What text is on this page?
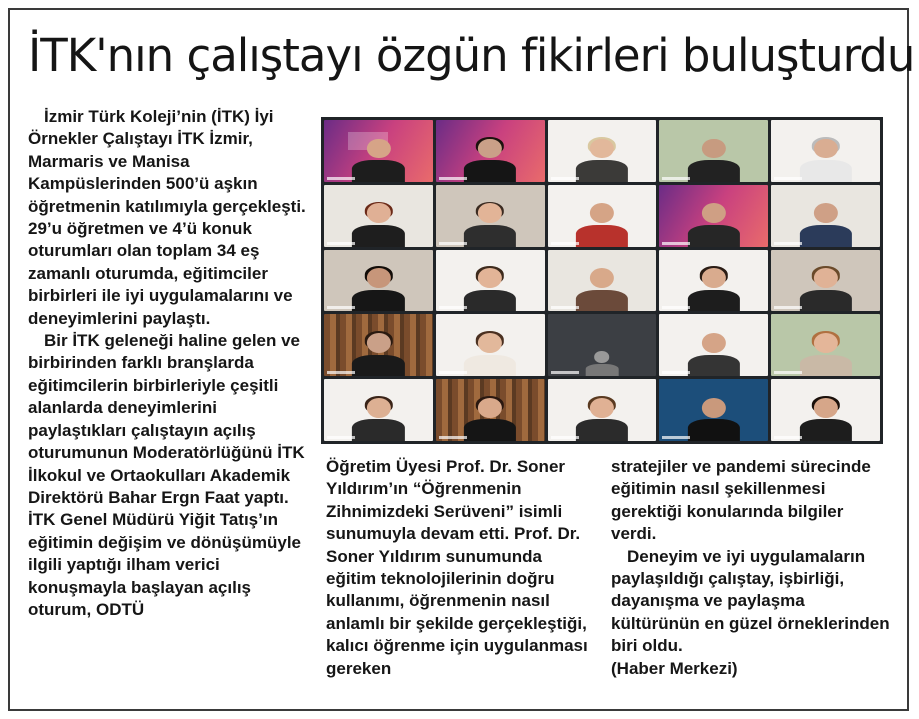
İTK'nın çalıştayı özgün fikirleri buluşturdu

İzmir Türk Koleji’nin (İTK) İyi Örnekler Çalıştayı İTK İzmir, Marmaris ve Manisa Kampüslerinden 500’ü aşkın öğretmenin katılımıyla gerçekleşti. 29’u öğretmen ve 4’ü konuk oturumları olan toplam 34 eş zamanlı oturumda, eğitimciler birbirleri ile iyi uygulamalarını ve deneyimlerini paylaştı.

Bir İTK geleneği haline gelen ve birbirinden farklı branşlarda eğitimcilerin birbirleriyle çeşitli alanlarda deneyimlerini paylaştıkları çalıştayın açılış oturumunun Moderatörlüğünü İTK İlkokul ve Ortaokulları Akademik Direktörü Bahar Ergn Faat yaptı. İTK Genel Müdürü Yiğit Tatış’ın eğitimin değişim ve dönüşümüyle ilgili yaptığı ilham verici konuşmayla başlayan açılış oturum, ODTÜ

Öğretim Üyesi Prof. Dr. Soner Yıldırım’ın “Öğrenmenin Zihnimizdeki Serüveni” isimli sunumuyla devam etti. Prof. Dr. Soner Yıldırım sunumunda eğitim teknolojilerinin doğru kullanımı, öğrenmenin nasıl anlamlı bir şekilde gerçekleştiği, kalıcı öğrenme için uygulanması gereken

stratejiler ve pandemi sürecinde eğitimin nasıl şekillenmesi gerektiği konularında bilgiler verdi.

Deneyim ve iyi uygulamaların paylaşıldığı çalıştay, işbirliği, dayanışma ve paylaşma kültürünün en güzel örneklerinden biri oldu.

(Haber Merkezi)
